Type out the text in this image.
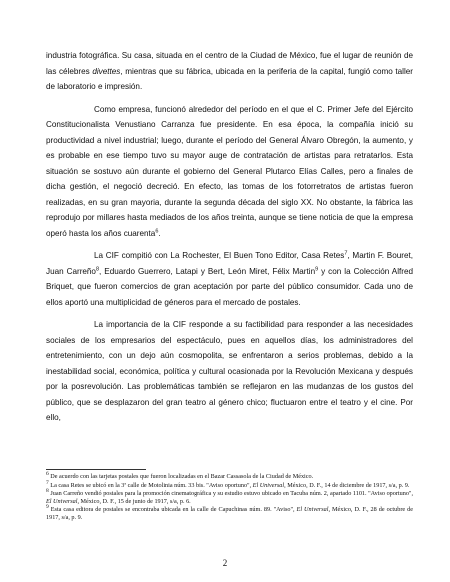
industria fotográfica. Su casa, situada en el centro de la Ciudad de México, fue el lugar de reunión de las célebres divettes, mientras que su fábrica, ubicada en la periferia de la capital, fungió como taller de laboratorio e impresión.

Como empresa, funcionó alrededor del período en el que el C. Primer Jefe del Ejército Constitucionalista Venustiano Carranza fue presidente. En esa época, la compañía inició su productividad a nivel industrial; luego, durante el período del General Álvaro Obregón, la aumento, y es probable en ese tiempo tuvo su mayor auge de contratación de artistas para retratarlos. Esta situación se sostuvo aún durante el gobierno del General Plutarco Elías Calles, pero a finales de dicha gestión, el negoció decreció. En efecto, las tomas de los fotorretratos de artistas fueron realizadas, en su gran mayoria, durante la segunda década del siglo XX. No obstante, la fábrica las reprodujo por millares hasta mediados de los años treinta, aunque se tiene noticia de que la empresa operó hasta los años cuarenta$^6$.

La CIF compitió con La Rochester, El Buen Tono Editor, Casa Retes$^7$, Martin F. Bouret, Juan Carreño$^8$, Eduardo Guerrero, Latapi y Bert, León Miret, Félix Martin$^9$ y con la Colección Alfred Briquet, que fueron comercios de gran aceptación por parte del público consumidor. Cada uno de ellos aportó una multiplicidad de géneros para el mercado de postales.

La importancia de la CIF responde a su factibilidad para responder a las necesidades sociales de los empresarios del espectáculo, pues en aquellos días, los administradores del entretenimiento, con un dejo aún cosmopolita, se enfrentaron a serios problemas, debido a la inestabilidad social, económica, política y cultural ocasionada por la Revolución Mexicana y después por la posrevolución. Las problemáticas también se reflejaron en las mudanzas de los gustos del público, que se desplazaron del gran teatro al género chico; fluctuaron entre el teatro y el cine. Por ello,

$^6$ De acuerdo con las tarjetas postales que fueron localizadas en el Bazar Cassasola de la Ciudad de México.
$^7$ La casa Retes se ubicó en la 3ª calle de Motolinia núm. 33 bis. "Aviso oportuno", El Universal, México, D. F., 14 de diciembre de 1917, s/a, p. 9.
$^8$ Juan Carreño vendió postales para la promoción cinematográfica y su estudio estuvo ubicado en Tacuba núm. 2, apartado 1101. "Aviso oportuno", El Universal, México, D. F., 15 de junio de 1917, s/a, p. 6.
$^9$ Esta casa editora de postales se encontraba ubicada en la calle de Capuchinas núm. 89. "Aviso", El Universal, México, D. F., 28 de octubre de 1917, s/a, p. 9.
2
